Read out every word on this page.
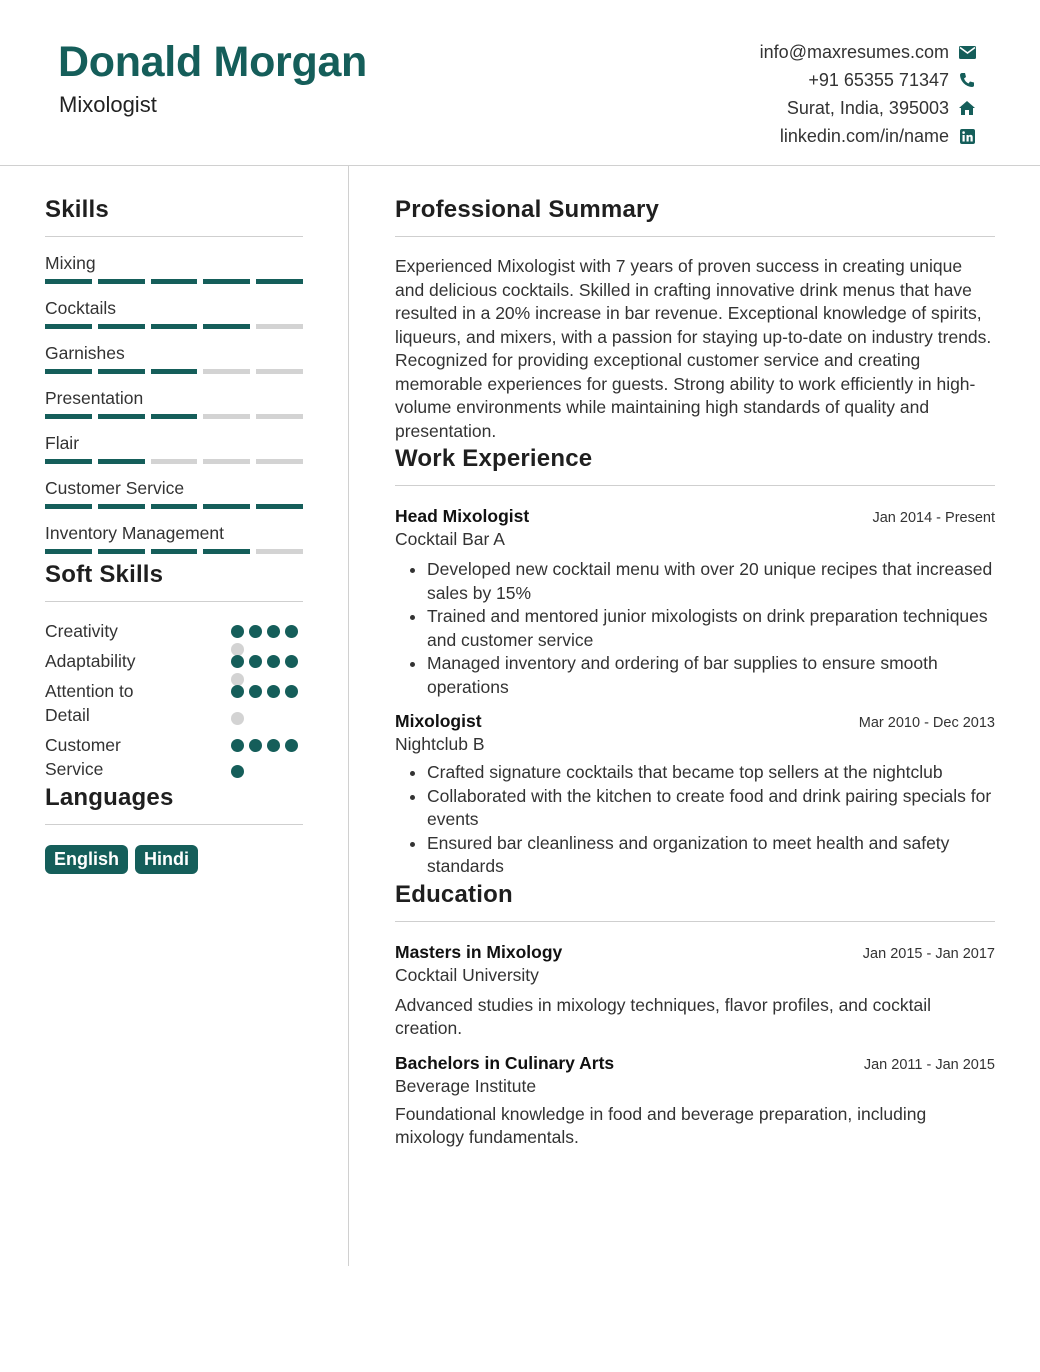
Donald Morgan
Mixologist
info@maxresumes.com
+91 65355 71347
Surat, India, 395003
linkedin.com/in/name
Skills
Mixing
Cocktails
Garnishes
Presentation
Flair
Customer Service
Inventory Management
Soft Skills
Creativity
Adaptability
Attention to Detail
Customer Service
Languages
English	Hindi
Professional Summary
Experienced Mixologist with 7 years of proven success in creating unique and delicious cocktails. Skilled in crafting innovative drink menus that have resulted in a 20% increase in bar revenue. Exceptional knowledge of spirits, liqueurs, and mixers, with a passion for staying up-to-date on industry trends. Recognized for providing exceptional customer service and creating memorable experiences for guests. Strong ability to work efficiently in high-volume environments while maintaining high standards of quality and presentation.
Work Experience
Head Mixologist	Jan 2014 - Present
Cocktail Bar A
• Developed new cocktail menu with over 20 unique recipes that increased sales by 15%
• Trained and mentored junior mixologists on drink preparation techniques and customer service
• Managed inventory and ordering of bar supplies to ensure smooth operations
Mixologist	Mar 2010 - Dec 2013
Nightclub B
• Crafted signature cocktails that became top sellers at the nightclub
• Collaborated with the kitchen to create food and drink pairing specials for events
• Ensured bar cleanliness and organization to meet health and safety standards
Education
Masters in Mixology	Jan 2015 - Jan 2017
Cocktail University
Advanced studies in mixology techniques, flavor profiles, and cocktail creation.
Bachelors in Culinary Arts	Jan 2011 - Jan 2015
Beverage Institute
Foundational knowledge in food and beverage preparation, including mixology fundamentals.
